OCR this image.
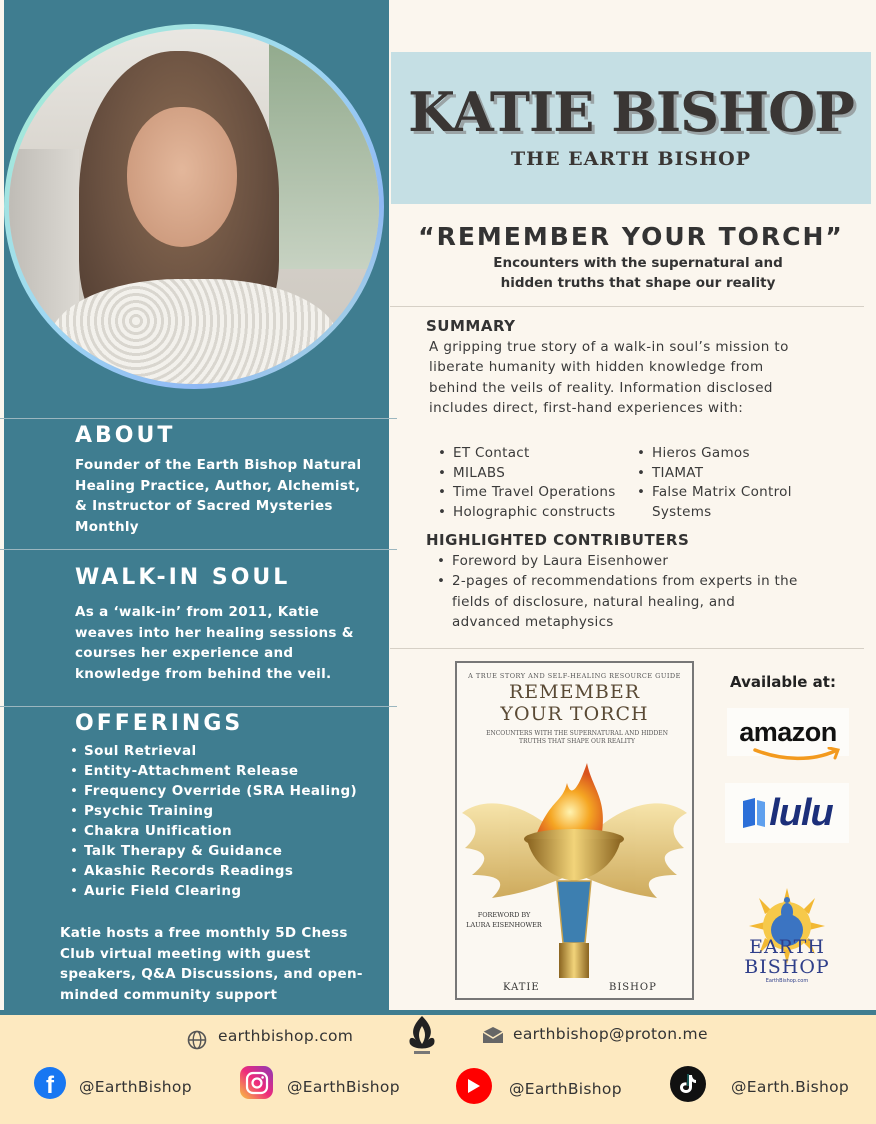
ABOUT
Founder of the Earth Bishop Natural Healing Practice, Author, Alchemist, & Instructor of Sacred Mysteries Monthly
WALK-IN SOUL
As a ‘walk-in’ from 2011, Katie weaves into her healing sessions & courses her experience and knowledge from behind the veil.
OFFERINGS
• Soul Retrieval
• Entity-Attachment Release
• Frequency Override (SRA Healing)
• Psychic Training
• Chakra Unification
• Talk Therapy & Guidance
• Akashic Records Readings
• Auric Field Clearing
Katie hosts a free monthly 5D Chess Club virtual meeting with guest speakers, Q&A Discussions, and open-minded community support
KATIE BISHOP
THE EARTH BISHOP
“REMEMBER YOUR TORCH”
Encounters with the supernatural and
hidden truths that shape our reality
SUMMARY
A gripping true story of a walk-in soul’s mission to liberate humanity with hidden knowledge from behind the veils of reality. Information disclosed includes direct, first-hand experiences with:
• ET Contact
• MILABS
• Time Travel Operations
• Holographic constructs
• Hieros Gamos
• TIAMAT
• False Matrix Control Systems
HIGHLIGHTED CONTRIBUTERS
• Foreword by Laura Eisenhower
• 2-pages of recommendations from experts in the fields of disclosure, natural healing, and advanced metaphysics
A TRUE STORY AND SELF-HEALING RESOURCE GUIDE
REMEMBER
YOUR TORCH
ENCOUNTERS WITH THE SUPERNATURAL AND HIDDEN TRUTHS THAT SHAPE OUR REALITY
FOREWORD BY
LAURA EISENHOWER
KATIE	BISHOP
Available at:
amazon
lulu
EARTH
BISHOP
EarthBishop.com
earthbishop.com	earthbishop@proton.me
f @EarthBishop	@EarthBishop	@EarthBishop	@Earth.Bishop
